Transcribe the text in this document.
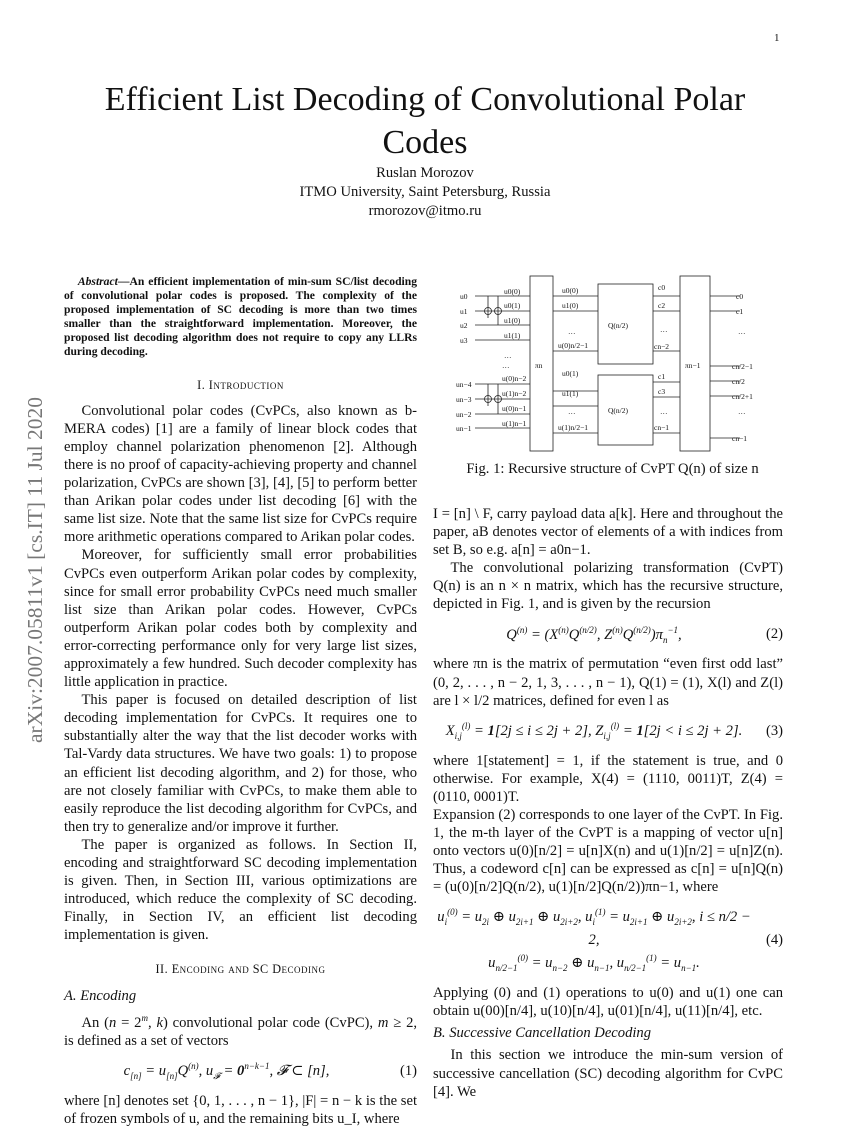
1
arXiv:2007.05811v1 [cs.IT] 11 Jul 2020
Efficient List Decoding of Convolutional Polar Codes
Ruslan Morozov
ITMO University, Saint Petersburg, Russia
rmorozov@itmo.ru

Abstract—An efficient implementation of min-sum SC/list decoding of convolutional polar codes is proposed. The complexity of the proposed implementation of SC decoding is more than two times smaller than the straightforward implementation. Moreover, the proposed list decoding algorithm does not require to copy any LLRs during decoding.

I. Introduction

Convolutional polar codes (CvPCs, also known as b-MERA codes) [1] are a family of linear block codes that employ channel polarization phenomenon [2]. Although there is no proof of capacity-achieving property and channel polarization, CvPCs are shown [3], [4], [5] to perform better than Arikan polar codes under list decoding [6] with the same list size. Note that the same list size for CvPCs require more arithmetic operations compared to Arikan polar codes.

Moreover, for sufficiently small error probabilities CvPCs even outperform Arikan polar codes by complexity, since for small error probability CvPCs need much smaller list size than Arikan polar codes. However, CvPCs outperform Arikan polar codes both by complexity and error-correcting performance only for very large list sizes, approximately a few hundred. Such decoder complexity has little application in practice.

This paper is focused on detailed description of list decoding implementation for CvPCs. It requires one to substantially alter the way that the list decoder works with Tal-Vardy data structures. We have two goals: 1) to propose an efficient list decoding algorithm, and 2) for those, who are not closely familiar with CvPCs, to make them able to easily reproduce the list decoding algorithm for CvPCs, and then try to generalize and/or improve it further.

The paper is organized as follows. In Section II, encoding and straightforward SC decoding implementation is given. Then, in Section III, various optimizations are introduced, which reduce the complexity of SC decoding. Finally, in Section IV, an efficient list decoding implementation is given.

II. Encoding and SC Decoding
A. Encoding

An ($n = 2^m$, k) convolutional polar code (CvPC), m ≥ 2, is defined as a set of vectors

$c_{[n]} = u_{[n]}Q^{(n)}$, $u_𝓕 = 0^{n-k-1}$, 𝓕 ⊂ [n],	(1)

where [n] denotes set {0, 1, . . . , n − 1}, |F| = n − k is the set of frozen symbols of u, and the remaining bits u_I, where

u0
u1
u2
u3
…
un−4
un−3
un−2
un−1
u0(0)
u0(1)
u1(0)
u1(1)
…
u(0)n−2
u(1)n−2
u(0)n−1
u(1)n−1
πn
u0(0)
u1(0)
…
u(0)n/2−1
u0(1)
u1(1)
…
u(1)n/2−1
Q(n/2)
Q(n/2)
c0
c2
…
cn−2
c1
c3
…
cn−1
πn−1
c0
c1
…
cn/2−1
cn/2
cn/2+1
…
cn−1
Fig. 1: Recursive structure of CvPT Q(n) of size n

I = [n] \ F, carry payload data a[k]. Here and throughout the paper, aB denotes vector of elements of a with indices from set B, so e.g. a[n] = a0n−1.

The convolutional polarizing transformation (CvPT) Q(n) is an n × n matrix, which has the recursive structure, depicted in Fig. 1, and is given by the recursion

$Q^{(n)} = (X^{(n)}Q^{(n/2)}$, $Z^{(n)}Q^{(n/2)})\pi_n^{-1}$,	(2)

where πn is the matrix of permutation “even first odd last” (0, 2, . . . , n − 2, 1, 3, . . . , n − 1), Q(1) = (1), X(l) and Z(l) are l × l/2 matrices, defined for even l as

$X_{i,j}^{(l)} = 1[2j \le i \le 2j + 2]$, $Z_{i,j}^{(l)} = 1[2j < i \le 2j + 2]$.	(3)

where 1[statement] = 1, if the statement is true, and 0 otherwise. For example, X(4) = (1110, 0011)T, Z(4) = (0110, 0001)T.

Expansion (2) corresponds to one layer of the CvPT. In Fig. 1, the m-th layer of the CvPT is a mapping of vector u[n] onto vectors u(0)[n/2] = u[n]X(n) and u(1)[n/2] = u[n]Z(n). Thus, a codeword c[n] can be expressed as c[n] = u[n]Q(n) = (u(0)[n/2]Q(n/2), u(1)[n/2]Q(n/2))πn−1, where

$u_i^{(0)} = u_{2i}$ ⊕ $u_{2i+1}$ ⊕ $u_{2i+2}$, $u_i^{(1)} = u_{2i+1}$ ⊕ $u_{2i+2}$, i ≤ n/2 − 2,
$u_{n/2-1}^{(0)} = u_{n-2}$ ⊕ $u_{n-1}$, $u_{n/2-1}^{(1)} = u_{n-1}$.
(4)

Applying (0) and (1) operations to u(0) and u(1) one can obtain u(00)[n/4], u(10)[n/4], u(01)[n/4], u(11)[n/4], etc.

B. Successive Cancellation Decoding

In this section we introduce the min-sum version of successive cancellation (SC) decoding algorithm for CvPC [4]. We
